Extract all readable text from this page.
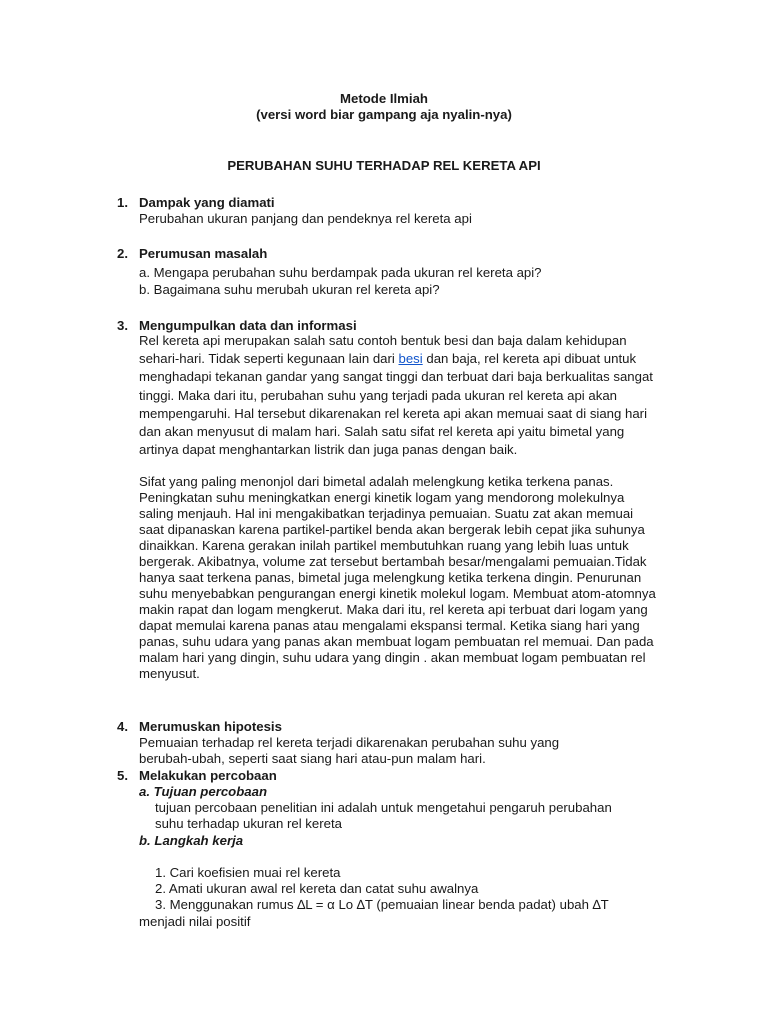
Metode Ilmiah
(versi word biar gampang aja nyalin-nya)
PERUBAHAN SUHU TERHADAP REL KERETA API
1. Dampak yang diamati
Perubahan ukuran panjang dan pendeknya rel kereta api
2. Perumusan masalah
a. Mengapa perubahan suhu berdampak pada ukuran rel kereta api?
b. Bagaimana suhu merubah ukuran rel kereta api?
3. Mengumpulkan data dan informasi
Rel kereta api merupakan salah satu contoh bentuk besi dan baja dalam kehidupan sehari-hari. Tidak seperti kegunaan lain dari besi dan baja, rel kereta api dibuat untuk menghadapi tekanan gandar yang sangat tinggi dan terbuat dari baja berkualitas sangat tinggi. Maka dari itu, perubahan suhu yang terjadi pada ukuran rel kereta api akan mempengaruhi. Hal tersebut dikarenakan rel kereta api akan memuai saat di siang hari dan akan menyusut di malam hari. Salah satu sifat rel kereta api yaitu bimetal yang artinya dapat menghantarkan listrik dan juga panas dengan baik.
Sifat yang paling menonjol dari bimetal adalah melengkung ketika terkena panas. Peningkatan suhu meningkatkan energi kinetik logam yang mendorong molekulnya saling menjauh. Hal ini mengakibatkan terjadinya pemuaian. Suatu zat akan memuai saat dipanaskan karena partikel-partikel benda akan bergerak lebih cepat jika suhunya dinaikkan. Karena gerakan inilah partikel membutuhkan ruang yang lebih luas untuk bergerak. Akibatnya, volume zat tersebut bertambah besar/mengalami pemuaian.Tidak hanya saat terkena panas, bimetal juga melengkung ketika terkena dingin. Penurunan suhu menyebabkan pengurangan energi kinetik molekul logam. Membuat atom-atomnya makin rapat dan logam mengkerut. Maka dari itu, rel kereta api terbuat dari logam yang dapat memulai karena panas atau mengalami ekspansi termal. Ketika siang hari yang panas, suhu udara yang panas akan membuat logam pembuatan rel memuai. Dan pada malam hari yang dingin, suhu udara yang dingin . akan membuat logam pembuatan rel menyusut.
4. Merumuskan hipotesis
Pemuaian terhadap rel kereta terjadi dikarenakan perubahan suhu yang berubah-ubah, seperti saat siang hari atau-pun malam hari.
5. Melakukan percobaan
a. Tujuan percobaan
tujuan percobaan penelitian ini adalah untuk mengetahui pengaruh perubahan
suhu terhadap ukuran rel kereta
b. Langkah kerja
1. Cari koefisien muai rel kereta
2. Amati ukuran awal rel kereta dan catat suhu awalnya
3. Menggunakan rumus ∆L = α Lo ∆T (pemuaian linear benda padat) ubah ∆T
menjadi nilai positif
